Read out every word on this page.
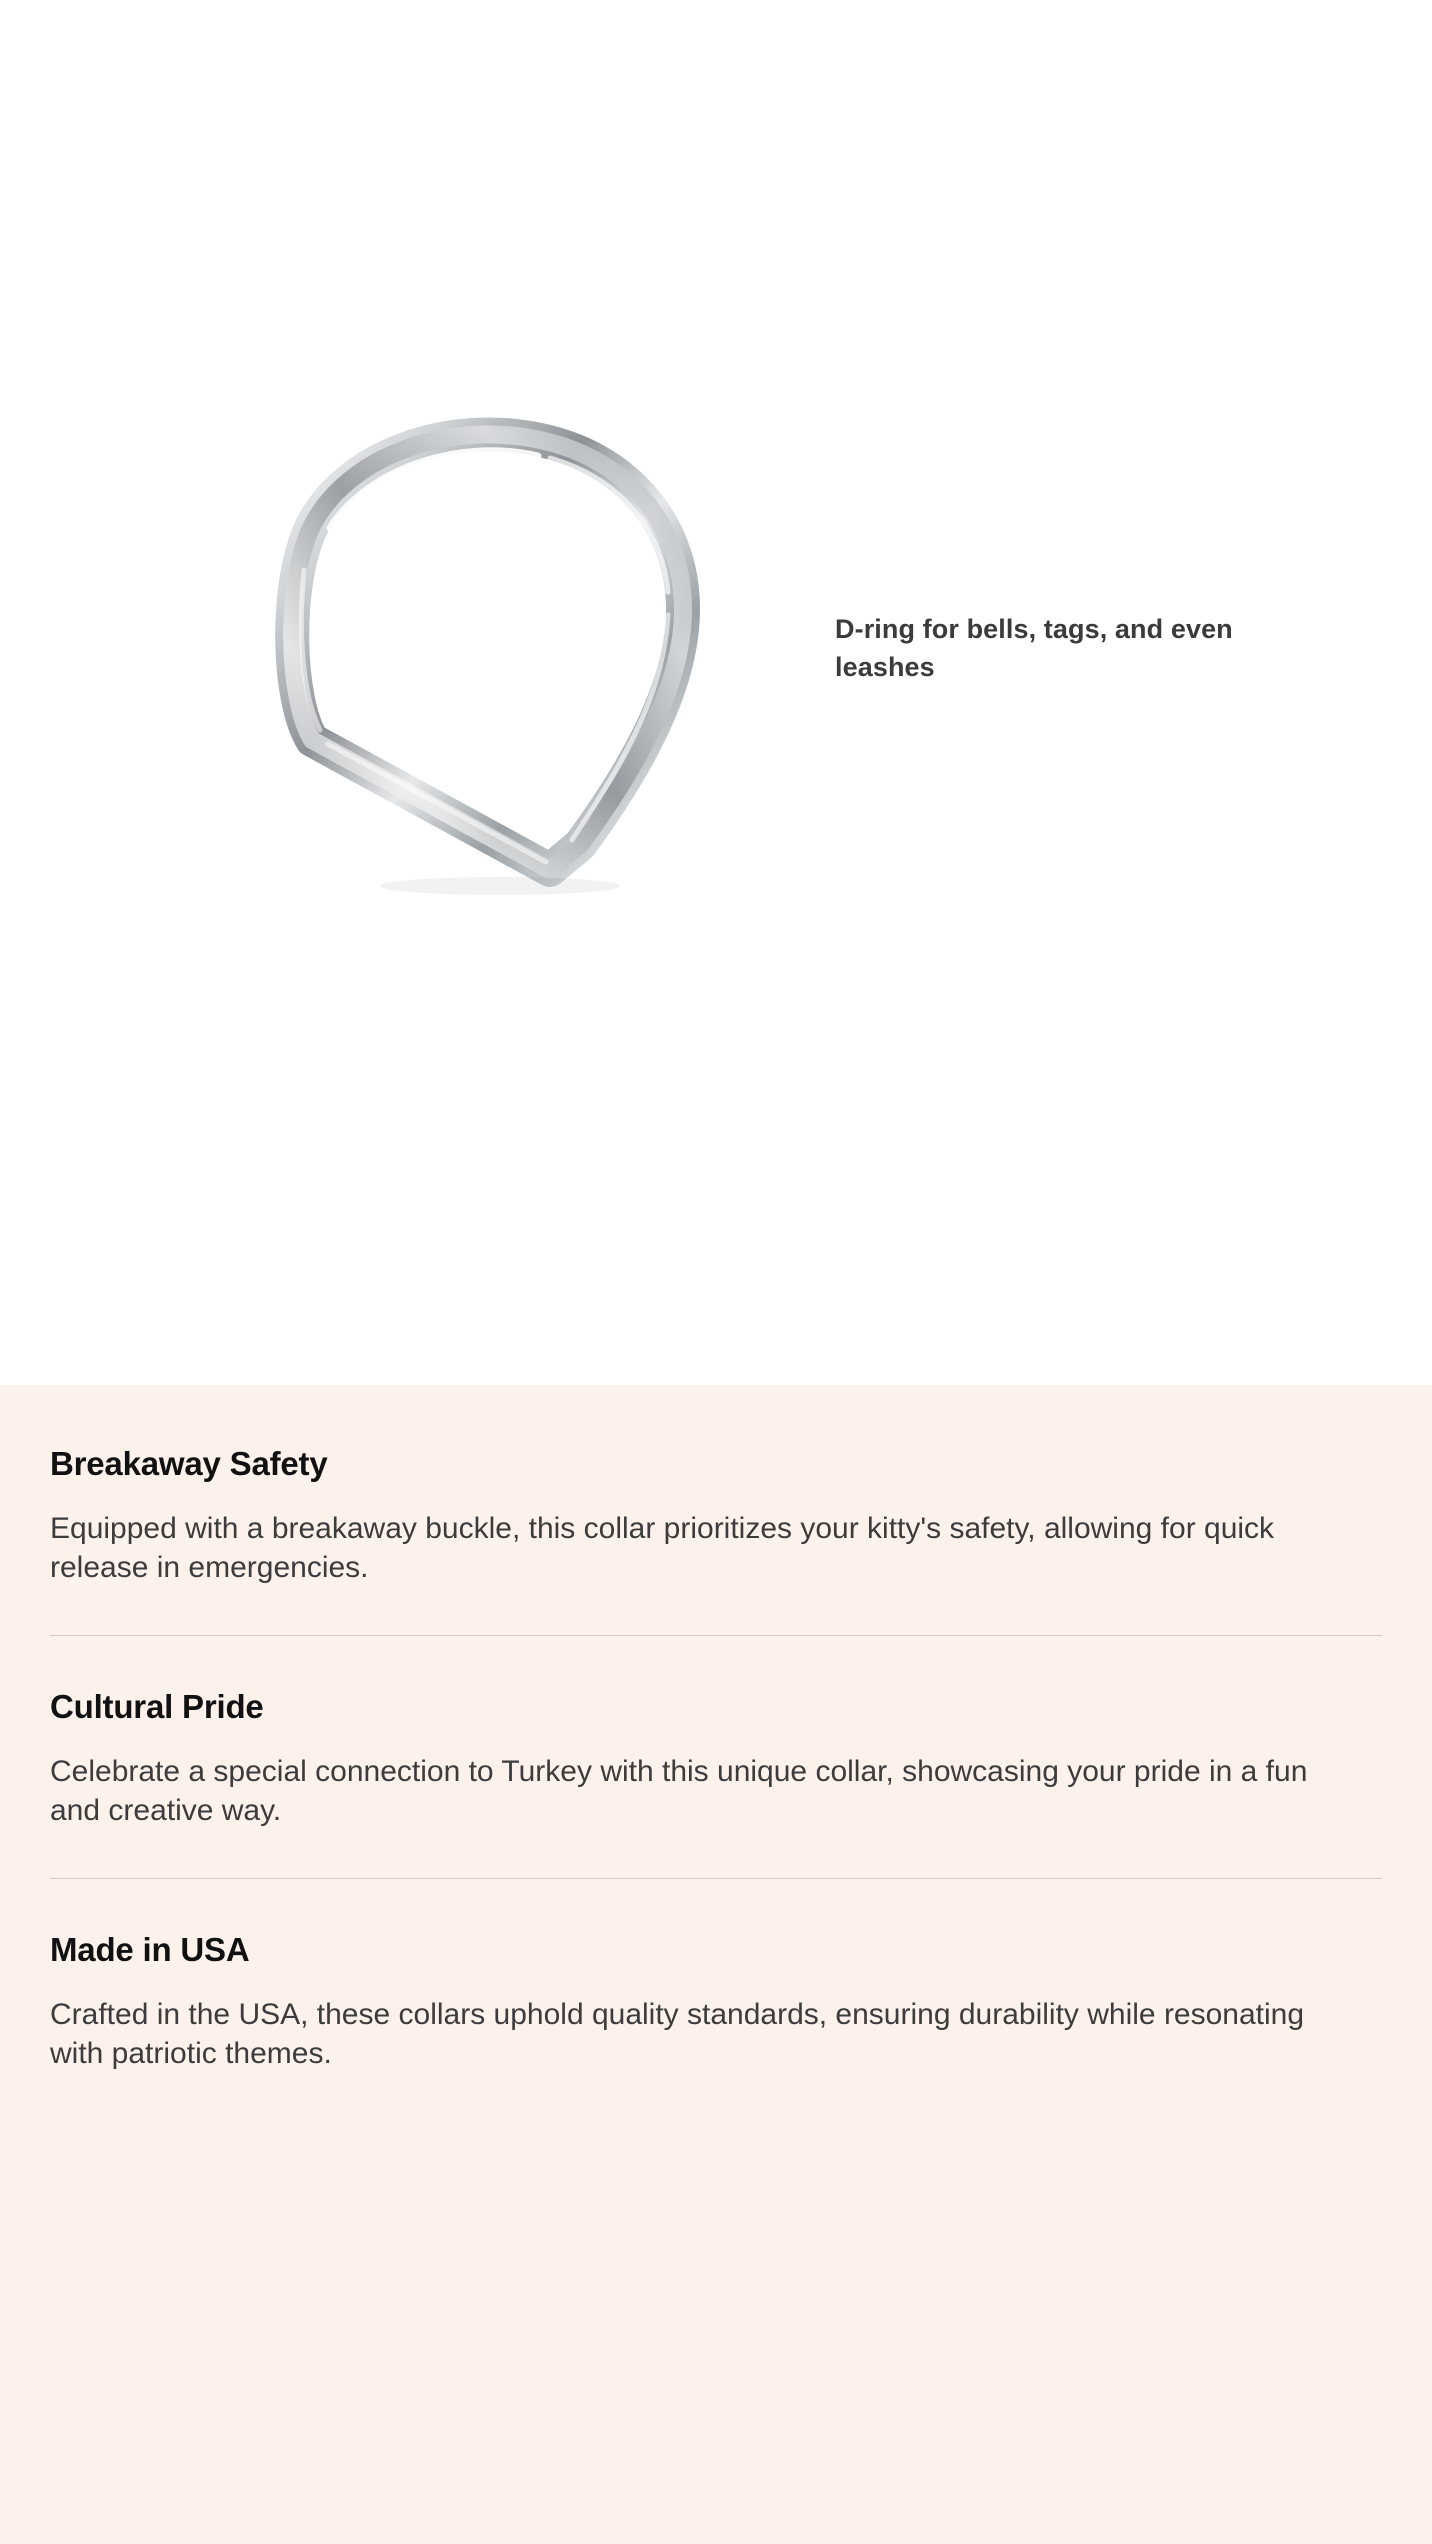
D-ring for bells, tags, and even leashes
Breakaway Safety
Equipped with a breakaway buckle, this collar prioritizes your kitty's safety, allowing for quick release in emergencies.
Cultural Pride
Celebrate a special connection to Turkey with this unique collar, showcasing your pride in a fun and creative way.
Made in USA
Crafted in the USA, these collars uphold quality standards, ensuring durability while resonating with patriotic themes.
